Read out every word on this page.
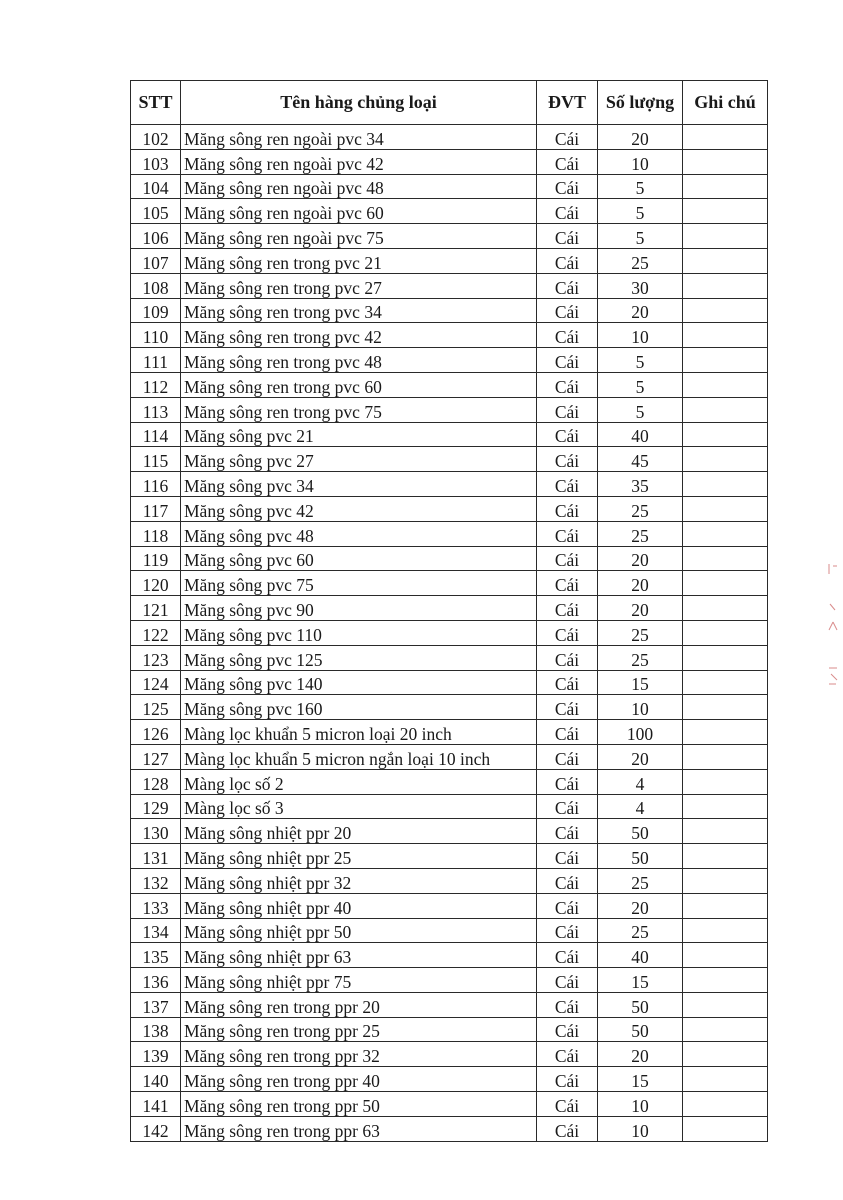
STT	Tên hàng chủng loại	ĐVT	Số lượng	Ghi chú
102	Măng sông ren ngoài pvc 34	Cái	20	
103	Măng sông ren ngoài pvc 42	Cái	10	
104	Măng sông ren ngoài pvc 48	Cái	5	
105	Măng sông ren ngoài pvc 60	Cái	5	
106	Măng sông ren ngoài pvc 75	Cái	5	
107	Măng sông ren trong pvc 21	Cái	25	
108	Măng sông ren trong pvc 27	Cái	30	
109	Măng sông ren trong pvc 34	Cái	20	
110	Măng sông ren trong pvc 42	Cái	10	
111	Măng sông ren trong pvc 48	Cái	5	
112	Măng sông ren trong pvc 60	Cái	5	
113	Măng sông ren trong pvc 75	Cái	5	
114	Măng sông pvc 21	Cái	40	
115	Măng sông pvc 27	Cái	45	
116	Măng sông pvc 34	Cái	35	
117	Măng sông pvc 42	Cái	25	
118	Măng sông pvc 48	Cái	25	
119	Măng sông pvc 60	Cái	20	
120	Măng sông pvc 75	Cái	20	
121	Măng sông pvc 90	Cái	20	
122	Măng sông pvc 110	Cái	25	
123	Măng sông pvc 125	Cái	25	
124	Măng sông pvc 140	Cái	15	
125	Măng sông pvc 160	Cái	10	
126	Màng lọc khuẩn 5 micron loại 20 inch	Cái	100	
127	Màng lọc khuẩn 5 micron ngắn loại 10 inch	Cái	20	
128	Màng lọc số 2	Cái	4	
129	Màng lọc số 3	Cái	4	
130	Măng sông nhiệt ppr 20	Cái	50	
131	Măng sông nhiệt ppr 25	Cái	50	
132	Măng sông nhiệt ppr 32	Cái	25	
133	Măng sông nhiệt ppr 40	Cái	20	
134	Măng sông nhiệt ppr 50	Cái	25	
135	Măng sông nhiệt ppr 63	Cái	40	
136	Măng sông nhiệt ppr 75	Cái	15	
137	Măng sông ren trong ppr 20	Cái	50	
138	Măng sông ren trong ppr 25	Cái	50	
139	Măng sông ren trong ppr 32	Cái	20	
140	Măng sông ren trong ppr 40	Cái	15	
141	Măng sông ren trong ppr 50	Cái	10	
142	Măng sông ren trong ppr 63	Cái	10	
